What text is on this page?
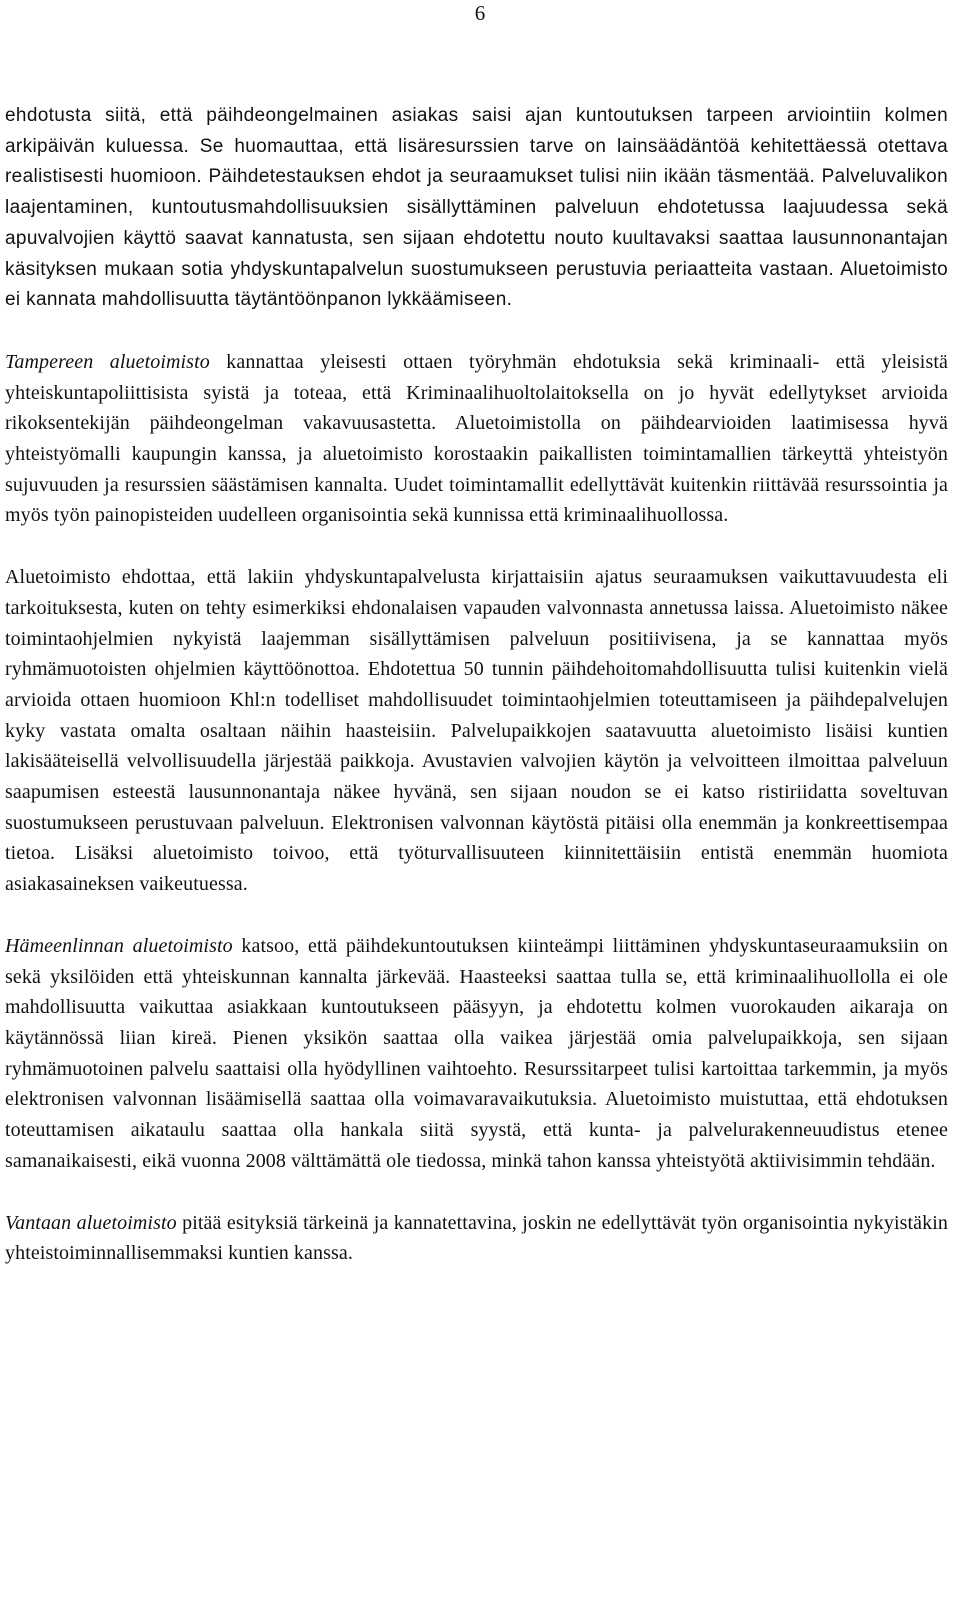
6

ehdotusta siitä, että päihdeongelmainen asiakas saisi ajan kuntoutuksen tarpeen arviointiin kolmen arkipäivän kuluessa. Se huomauttaa, että lisäresurssien tarve on lainsäädäntöä kehitettäessä otettava realistisesti huomioon. Päihdetestauksen ehdot ja seuraamukset tulisi niin ikään täsmentää. Palveluvalikon laajentaminen, kuntoutusmahdollisuuksien sisällyttäminen palveluun ehdotetussa laajuudessa sekä apuvalvojien käyttö saavat kannatusta, sen sijaan ehdotettu nouto kuultavaksi saattaa lausunnonantajan käsityksen mukaan sotia yhdyskuntapalvelun suostumukseen perustuvia periaatteita vastaan. Aluetoimisto ei kannata mahdollisuutta täytäntöönpanon lykkäämiseen.

Tampereen aluetoimisto kannattaa yleisesti ottaen työryhmän ehdotuksia sekä kriminaali- että yleisistä yhteiskuntapoliittisista syistä ja toteaa, että Kriminaalihuoltolaitoksella on jo hyvät edellytykset arvioida rikoksentekijän päihdeongelman vakavuusastetta. Aluetoimistolla on päihdearvioiden laatimisessa hyvä yhteistyömalli kaupungin kanssa, ja aluetoimisto korostaakin paikallisten toimintamallien tärkeyttä yhteistyön sujuvuuden ja resurssien säästämisen kannalta. Uudet toimintamallit edellyttävät kuitenkin riittävää resurssointia ja myös työn painopisteiden uudelleen organisointia sekä kunnissa että kriminaalihuollossa.

Aluetoimisto ehdottaa, että lakiin yhdyskuntapalvelusta kirjattaisiin ajatus seuraamuksen vaikuttavuudesta eli tarkoituksesta, kuten on tehty esimerkiksi ehdonalaisen vapauden valvonnasta annetussa laissa. Aluetoimisto näkee toimintaohjelmien nykyistä laajemman sisällyttämisen palveluun positiivisena, ja se kannattaa myös ryhmämuotoisten ohjelmien käyttöönottoa. Ehdotettua 50 tunnin päihdehoitomahdollisuutta tulisi kuitenkin vielä arvioida ottaen huomioon Khl:n todelliset mahdollisuudet toimintaohjelmien toteuttamiseen ja päihdepalvelujen kyky vastata omalta osaltaan näihin haasteisiin. Palvelupaikkojen saatavuutta aluetoimisto lisäisi kuntien lakisääteisellä velvollisuudella järjestää paikkoja. Avustavien valvojien käytön ja velvoitteen ilmoittaa palveluun saapumisen esteestä lausunnonantaja näkee hyvänä, sen sijaan noudon se ei katso ristiriidatta soveltuvan suostumukseen perustuvaan palveluun. Elektronisen valvonnan käytöstä pitäisi olla enemmän ja konkreettisempaa tietoa. Lisäksi aluetoimisto toivoo, että työturvallisuuteen kiinnitettäisiin entistä enemmän huomiota asiakasaineksen vaikeutuessa.

Hämeenlinnan aluetoimisto katsoo, että päihdekuntoutuksen kiinteämpi liittäminen yhdyskuntaseuraamuksiin on sekä yksilöiden että yhteiskunnan kannalta järkevää. Haasteeksi saattaa tulla se, että kriminaalihuollolla ei ole mahdollisuutta vaikuttaa asiakkaan kuntoutukseen pääsyyn, ja ehdotettu kolmen vuorokauden aikaraja on käytännössä liian kireä. Pienen yksikön saattaa olla vaikea järjestää omia palvelupaikkoja, sen sijaan ryhmämuotoinen palvelu saattaisi olla hyödyllinen vaihtoehto. Resurssitarpeet tulisi kartoittaa tarkemmin, ja myös elektronisen valvonnan lisäämisellä saattaa olla voimavaravaikutuksia. Aluetoimisto muistuttaa, että ehdotuksen toteuttamisen aikataulu saattaa olla hankala siitä syystä, että kunta- ja palvelurakenneuudistus etenee samanaikaisesti, eikä vuonna 2008 välttämättä ole tiedossa, minkä tahon kanssa yhteistyötä aktiivisimmin tehdään.

Vantaan aluetoimisto pitää esityksiä tärkeinä ja kannatettavina, joskin ne edellyttävät työn organisointia nykyistäkin yhteistoiminnallisemmaksi kuntien kanssa.
